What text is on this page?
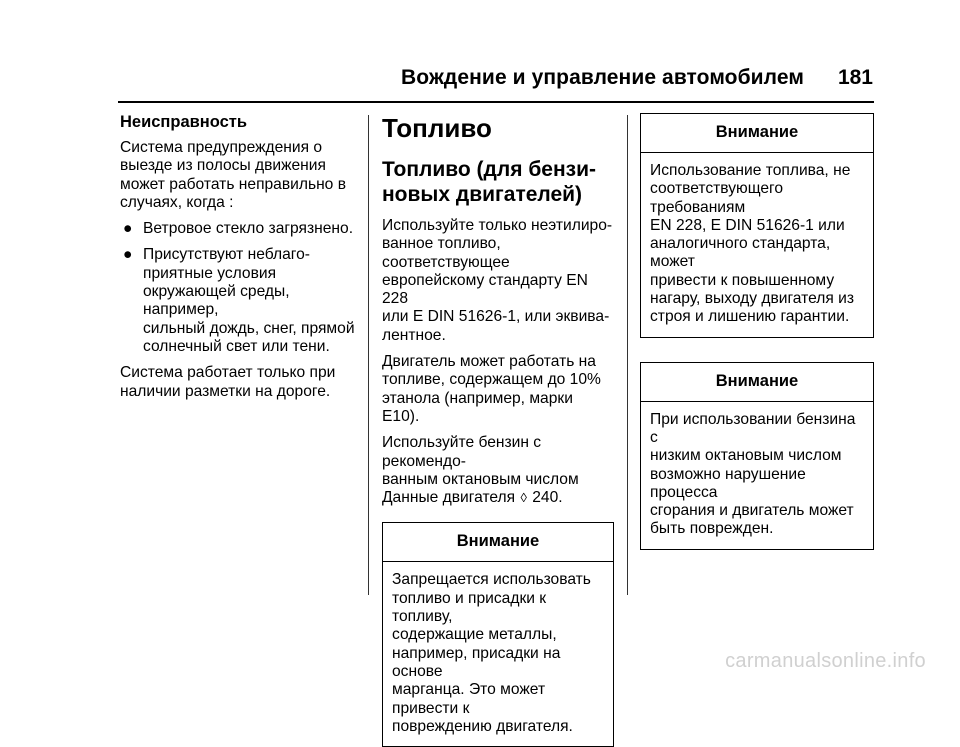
Вождение и управление автомобилем 181
Неисправность

Система предупреждения о
выезде из полосы движения
может работать неправильно в
случаях, когда :

● Ветровое стекло загрязнено.

● Присутствуют неблаго-
приятные условия
окружающей среды, например,
сильный дождь, снег, прямой
солнечный свет или тени.

Система работает только при
наличии разметки на дороге.

Топливо
Топливо (для бензи-
новых двигателей)

Используйте только неэтилиро-
ванное топливо, соответствующее
европейскому стандарту EN 228
или E DIN 51626-1, или эквива-
лентное.

Двигатель может работать на
топливе, содержащем до 10%
этанола (например, марки E10).

Используйте бензин с рекомендо-
ванным октановым числом
Данные двигателя ◊ 240.

Внимание

Запрещается использовать
топливо и присадки к топливу,
содержащие металлы,
например, присадки на основе
марганца. Это может привести к
повреждению двигателя.

Внимание

Использование топлива, не
соответствующего требованиям
EN 228, E DIN 51626-1 или
аналогичного стандарта, может
привести к повышенному
нагару, выходу двигателя из
строя и лишению гарантии.

Внимание

При использовании бензина с
низким октановым числом
возможно нарушение процесса
сгорания и двигатель может
быть поврежден.

carmanualsonline.info
